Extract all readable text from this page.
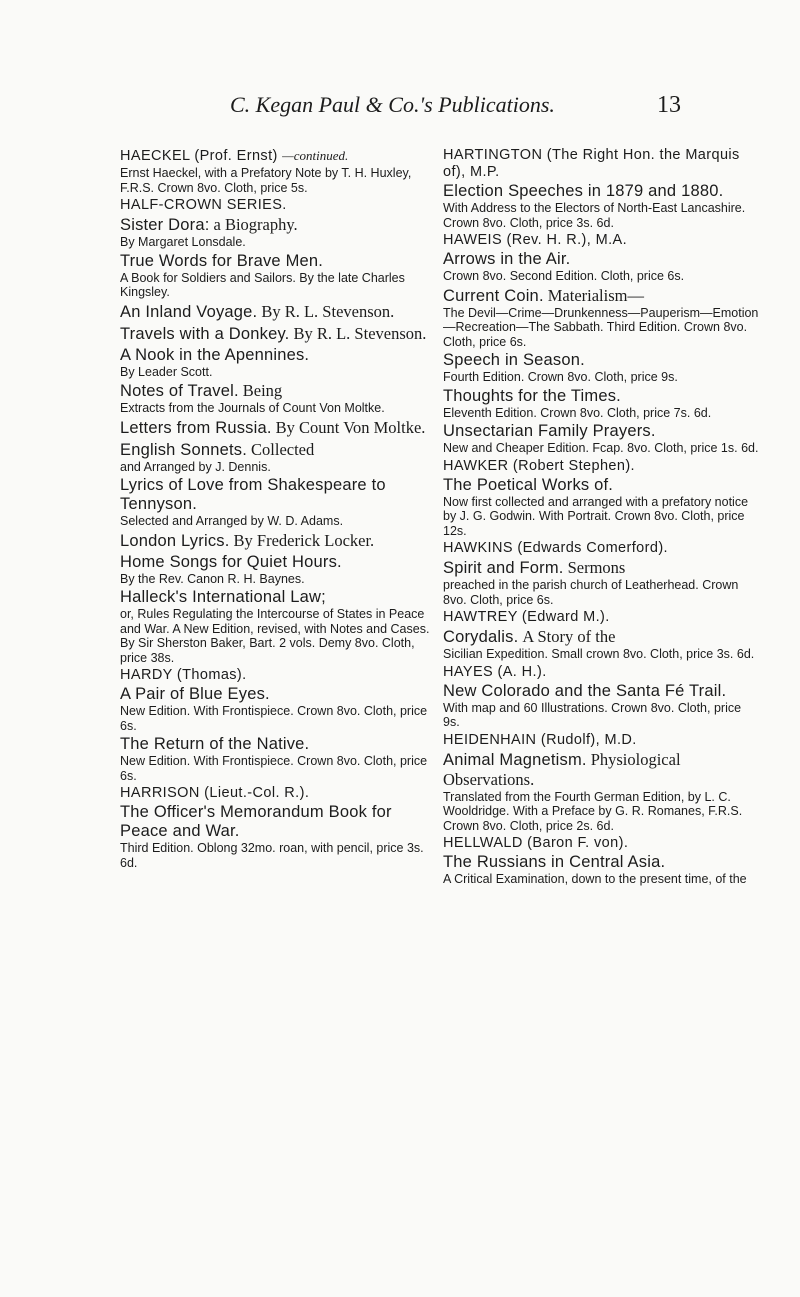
C. Kegan Paul & Co.'s Publications.	13
HAECKEL (Prof. Ernst) —continued.
Ernst Haeckel, with a Prefatory Note by T. H. Huxley, F.R.S. Crown 8vo. Cloth, price 5s.
HALF-CROWN SERIES.
Sister Dora: a Biography.
By Margaret Lonsdale.
True Words for Brave Men.
A Book for Soldiers and Sailors. By the late Charles Kingsley.
An Inland Voyage. By R. L. Stevenson.
Travels with a Donkey. By R. L. Stevenson.
A Nook in the Apennines.
By Leader Scott.
Notes of Travel. Being
Extracts from the Journals of Count Von Moltke.
Letters from Russia. By Count Von Moltke.
English Sonnets. Collected
and Arranged by J. Dennis.
Lyrics of Love from Shakespeare to Tennyson.
Selected and Arranged by W. D. Adams.
London Lyrics. By Frederick Locker.
Home Songs for Quiet Hours.
By the Rev. Canon R. H. Baynes.
Halleck's International Law;
or, Rules Regulating the Intercourse of States in Peace and War. A New Edition, revised, with Notes and Cases. By Sir Sherston Baker, Bart. 2 vols. Demy 8vo. Cloth, price 38s.
HARDY (Thomas).
A Pair of Blue Eyes.
New Edition. With Frontispiece. Crown 8vo. Cloth, price 6s.
The Return of the Native.
New Edition. With Frontispiece. Crown 8vo. Cloth, price 6s.
HARRISON (Lieut.-Col. R.).
The Officer's Memorandum Book for Peace and War.
Third Edition. Oblong 32mo. roan, with pencil, price 3s. 6d.
HARTINGTON (The Right Hon. the Marquis of), M.P.
Election Speeches in 1879 and 1880.
With Address to the Electors of North-East Lancashire. Crown 8vo. Cloth, price 3s. 6d.
HAWEIS (Rev. H. R.), M.A.
Arrows in the Air.
Crown 8vo. Second Edition. Cloth, price 6s.
Current Coin. Materialism—
The Devil—Crime—Drunkenness—Pauperism—Emotion—Recreation—The Sabbath. Third Edition. Crown 8vo. Cloth, price 6s.
Speech in Season.
Fourth Edition. Crown 8vo. Cloth, price 9s.
Thoughts for the Times.
Eleventh Edition. Crown 8vo. Cloth, price 7s. 6d.
Unsectarian Family Prayers.
New and Cheaper Edition. Fcap. 8vo. Cloth, price 1s. 6d.
HAWKER (Robert Stephen).
The Poetical Works of.
Now first collected and arranged with a prefatory notice by J. G. Godwin. With Portrait. Crown 8vo. Cloth, price 12s.
HAWKINS (Edwards Comerford).
Spirit and Form. Sermons
preached in the parish church of Leatherhead. Crown 8vo. Cloth, price 6s.
HAWTREY (Edward M.).
Corydalis. A Story of the
Sicilian Expedition. Small crown 8vo. Cloth, price 3s. 6d.
HAYES (A. H.).
New Colorado and the Santa Fé Trail.
With map and 60 Illustrations. Crown 8vo. Cloth, price 9s.
HEIDENHAIN (Rudolf), M.D.
Animal Magnetism. Physiological Observations.
Translated from the Fourth German Edition, by L. C. Wooldridge. With a Preface by G. R. Romanes, F.R.S. Crown 8vo. Cloth, price 2s. 6d.
HELLWALD (Baron F. von).
The Russians in Central Asia.
A Critical Examination, down to the present time, of the
